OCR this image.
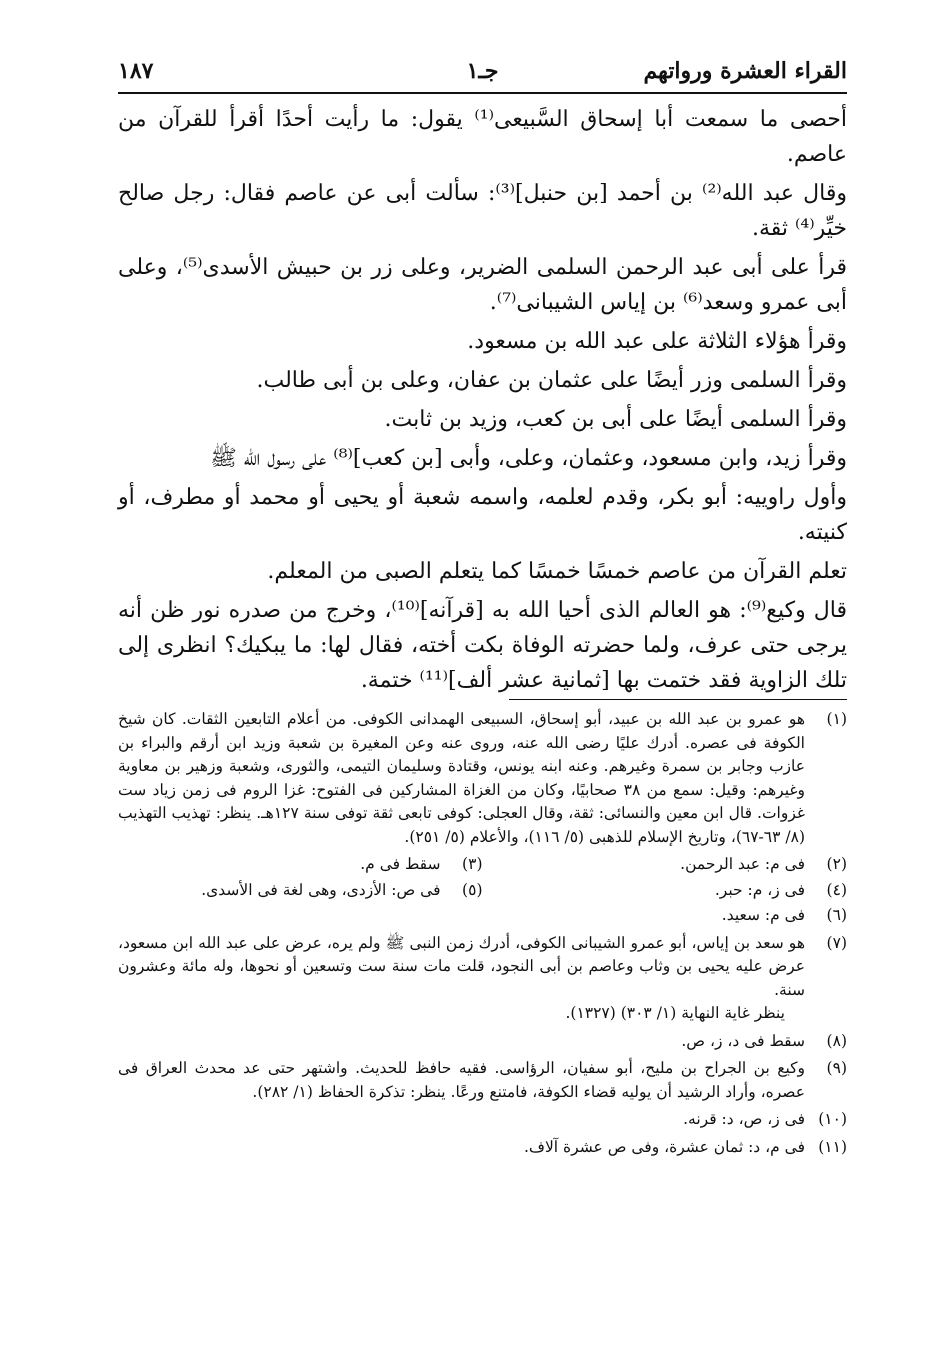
القراء العشرة ورواتهم
جـ١
١٨٧

أحصى ما سمعت أبا إسحاق السَّبيعى⁽¹⁾ يقول: ما رأيت أحدًا أقرأ للقرآن من عاصم.

وقال عبد الله⁽²⁾ بن أحمد [بن حنبل]⁽³⁾: سألت أبى عن عاصم فقال: رجل صالح خيِّر⁽⁴⁾ ثقة.

قرأ على أبى عبد الرحمن السلمى الضرير، وعلى زر بن حبيش الأسدى⁽⁵⁾، وعلى أبى عمرو وسعد⁽⁶⁾ بن إياس الشيبانى⁽⁷⁾.

وقرأ هؤلاء الثلاثة على عبد الله بن مسعود.

وقرأ السلمى وزر أيضًا على عثمان بن عفان، وعلى بن أبى طالب.

وقرأ السلمى أيضًا على أبى بن كعب، وزيد بن ثابت.

وقرأ زيد، وابن مسعود، وعثمان، وعلى، وأبى [بن كعب]⁽⁸⁾ على رسول الله ﷺ

وأول راوييه: أبو بكر، وقدم لعلمه، واسمه شعبة أو يحيى أو محمد أو مطرف، أو كنيته.

تعلم القرآن من عاصم خمسًا خمسًا كما يتعلم الصبى من المعلم.

قال وكيع⁽⁹⁾: هو العالم الذى أحيا الله به [قرآنه]⁽¹⁰⁾، وخرج من صدره نور ظن أنه يرجى حتى عرف، ولما حضرته الوفاة بكت أخته، فقال لها: ما يبكيك؟ انظرى إلى تلك الزاوية فقد ختمت بها [ثمانية عشر ألف]⁽¹¹⁾ ختمة.

(١)
هو عمرو بن عبد الله بن عبيد، أبو إسحاق، السبيعى الهمدانى الكوفى. من أعلام التابعين الثقات. كان شيخ الكوفة فى عصره. أدرك عليًا رضى الله عنه، وروى عنه وعن المغيرة بن شعبة وزيد ابن أرقم والبراء بن عازب وجابر بن سمرة وغيرهم. وعنه ابنه يونس، وقتادة وسليمان التيمى، والثورى، وشعبة وزهير بن معاوية وغيرهم: وقيل: سمع من ٣٨ صحابيًا، وكان من الغزاة المشاركين فى الفتوح: غزا الروم فى زمن زياد ست غزوات. قال ابن معين والنسائى: ثقة، وقال العجلى: كوفى تابعى ثقة توفى سنة ١٢٧هـ. ينظر: تهذيب التهذيب (٨/ ٦٣-٦٧)، وتاريخ الإسلام للذهبى (٥/ ١١٦)، والأعلام (٥/ ٢٥١).
(٢)
فى م: عبد الرحمن.
(٣)
سقط فى م.
(٤)
فى ز، م: حبر.
(٥)
فى ص: الأزدى، وهى لغة فى الأسدى.
(٦)
فى م: سعيد.
(٧)
هو سعد بن إياس، أبو عمرو الشيبانى الكوفى، أدرك زمن النبى ﷺ ولم يره، عرض على عبد الله ابن مسعود، عرض عليه يحيى بن وثاب وعاصم بن أبى النجود، قلت مات سنة ست وتسعين أو نحوها، وله مائة وعشرون سنة.
ينظر غاية النهاية (١/ ٣٠٣) (١٣٢٧).
(٨)
سقط فى د، ز، ص.
(٩)
وكيع بن الجراح بن مليح، أبو سفيان، الرؤاسى. فقيه حافظ للحديث. واشتهر حتى عد محدث العراق فى عصره، وأراد الرشيد أن يوليه قضاء الكوفة، فامتنع ورعًا. ينظر: تذكرة الحفاظ (١/ ٢٨٢).
(١٠)
فى ز، ص، د: قرنه.
(١١)
فى م، د: ثمان عشرة، وفى ص عشرة آلاف.
